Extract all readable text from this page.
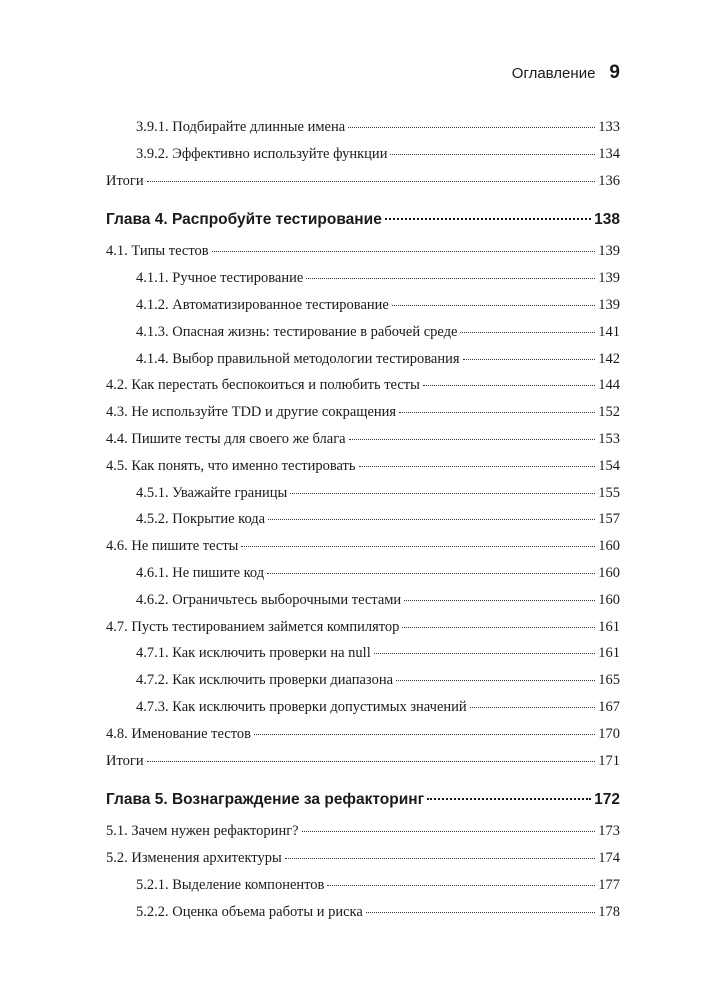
Оглавление 9
3.9.1. Подбирайте длинные имена	133
3.9.2. Эффективно используйте функции	134
Итоги	136
Глава 4. Распробуйте тестирование	138
4.1. Типы тестов	139
4.1.1. Ручное тестирование	139
4.1.2. Автоматизированное тестирование	139
4.1.3. Опасная жизнь: тестирование в рабочей среде	141
4.1.4. Выбор правильной методологии тестирования	142
4.2. Как перестать беспокоиться и полюбить тесты	144
4.3. Не используйте TDD и другие сокращения	152
4.4. Пишите тесты для своего же блага	153
4.5. Как понять, что именно тестировать	154
4.5.1. Уважайте границы	155
4.5.2. Покрытие кода	157
4.6. Не пишите тесты	160
4.6.1. Не пишите код	160
4.6.2. Ограничьтесь выборочными тестами	160
4.7. Пусть тестированием займется компилятор	161
4.7.1. Как исключить проверки на null	161
4.7.2. Как исключить проверки диапазона	165
4.7.3. Как исключить проверки допустимых значений	167
4.8. Именование тестов	170
Итоги	171
Глава 5. Вознаграждение за рефакторинг	172
5.1. Зачем нужен рефакторинг?	173
5.2. Изменения архитектуры	174
5.2.1. Выделение компонентов	177
5.2.2. Оценка объема работы и риска	178
